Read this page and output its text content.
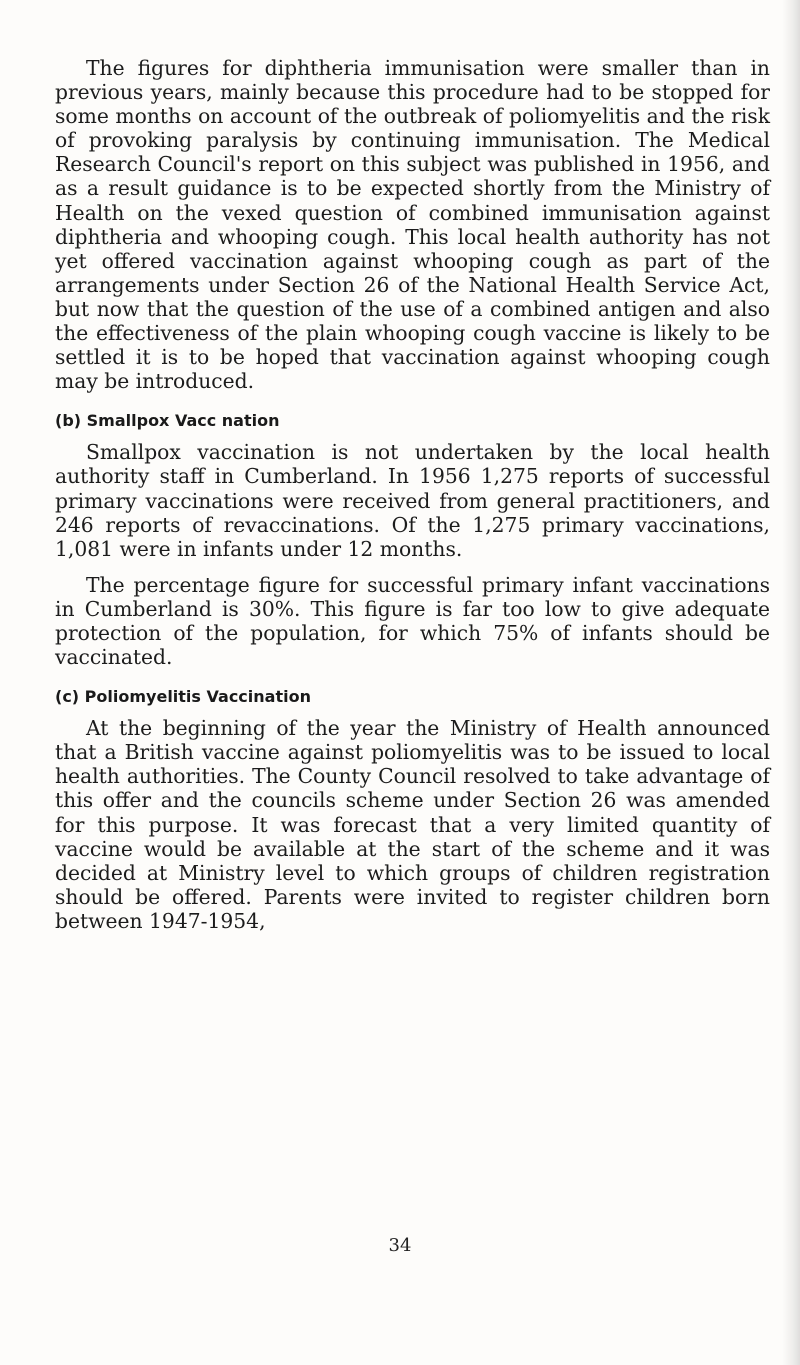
The figures for diphtheria immunisation were smaller than in previous years, mainly because this procedure had to be stopped for some months on account of the outbreak of poliomyelitis and the risk of provoking paralysis by continuing immunisation. The Medical Research Council's report on this subject was published in 1956, and as a result guidance is to be expected shortly from the Ministry of Health on the vexed question of combined immunisation against diphtheria and whooping cough. This local health authority has not yet offered vaccination against whooping cough as part of the arrangements under Section 26 of the National Health Service Act, but now that the question of the use of a combined antigen and also the effectiveness of the plain whooping cough vaccine is likely to be settled it is to be hoped that vaccination against whooping cough may be introduced.

(b) Smallpox Vacc nation

Smallpox vaccination is not undertaken by the local health authority staff in Cumberland. In 1956 1,275 reports of successful primary vaccinations were received from general practitioners, and 246 reports of revaccinations. Of the 1,275 primary vaccinations, 1,081 were in infants under 12 months.

The percentage figure for successful primary infant vaccinations in Cumberland is 30%. This figure is far too low to give adequate protection of the population, for which 75% of infants should be vaccinated.

(c) Poliomyelitis Vaccination

At the beginning of the year the Ministry of Health announced that a British vaccine against poliomyelitis was to be issued to local health authorities. The County Council resolved to take advantage of this offer and the councils scheme under Section 26 was amended for this purpose. It was forecast that a very limited quantity of vaccine would be available at the start of the scheme and it was decided at Ministry level to which groups of children registration should be offered. Parents were invited to register children born between 1947-1954,

34
